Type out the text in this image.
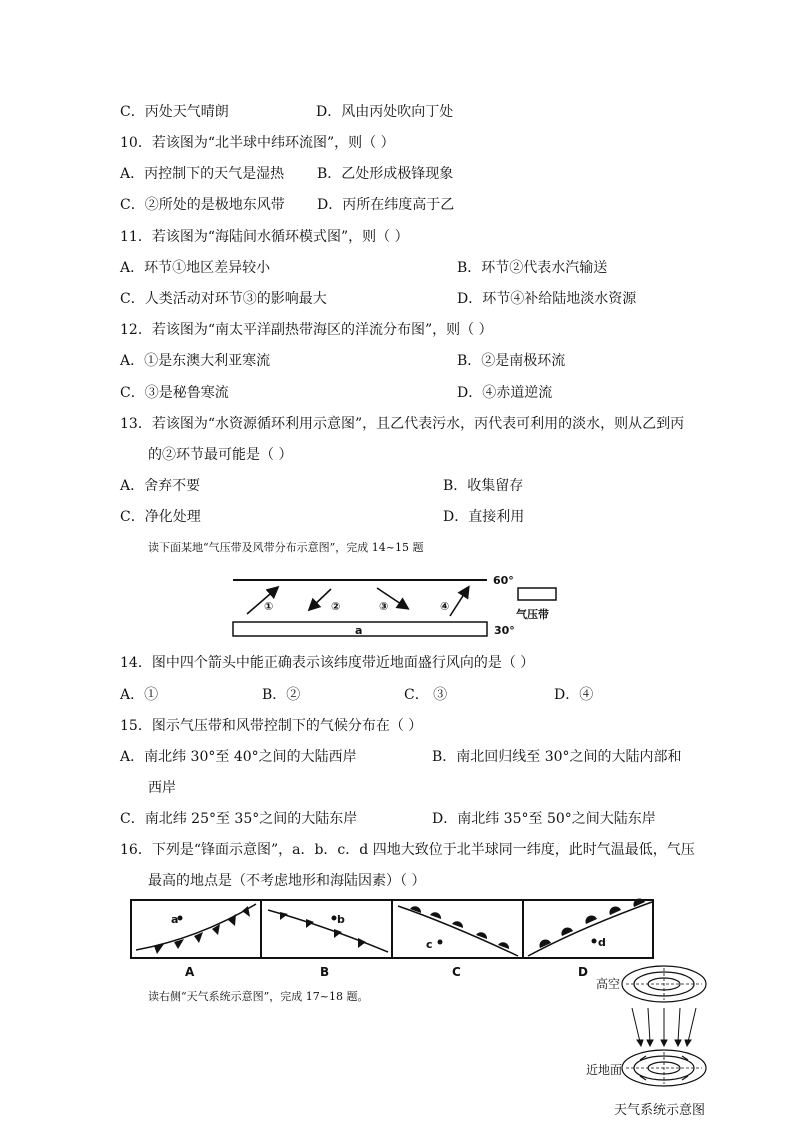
C．丙处天气晴朗	D．风由丙处吹向丁处
10．若该图为“北半球中纬环流图”，则（ ）
A．丙控制下的天气是湿热 B．乙处形成极锋现象
C．②所处的是极地东风带 D．丙所在纬度高于乙
11．若该图为“海陆间水循环模式图”，则（ ）
A．环节①地区差异较小	B．环节②代表水汽输送
C．人类活动对环节③的影响最大	D．环节④补给陆地淡水资源
12．若该图为“南太平洋副热带海区的洋流分布图”，则（ ）
A．①是东澳大利亚寒流	B．②是南极环流
C．③是秘鲁寒流	D．④赤道逆流
13．若该图为“水资源循环利用示意图”，且乙代表污水，丙代表可利用的淡水，则从乙到丙
的②环节最可能是（ ）
A．舍弃不要	B．收集留存
C．净化处理	D．直接利用
读下面某地“气压带及风带分布示意图”，完成 14~15 题
60°
30°
a
气压带
①	②	③	④
14．图中四个箭头中能正确表示该纬度带近地面盛行风向的是（ ）
A．①	B．②	C． ③	D．④
15．图示气压带和风带控制下的气候分布在（ ）
A．南北纬 30°至 40°之间的大陆西岸	B．南北回归线至 30°之间的大陆内部和
西岸
C．南北纬 25°至 35°之间的大陆东岸	D．南北纬 35°至 50°之间大陆东岸
16．下列是“锋面示意图”，a．b．c．d 四地大致位于北半球同一纬度，此时气温最低，气压
最高的地点是（不考虑地形和海陆因素）（ ）
a	b
c	d
A	B	C	D
读右侧“天气系统示意图”，完成 17~18 题。
高空
近地面
天气系统示意图
